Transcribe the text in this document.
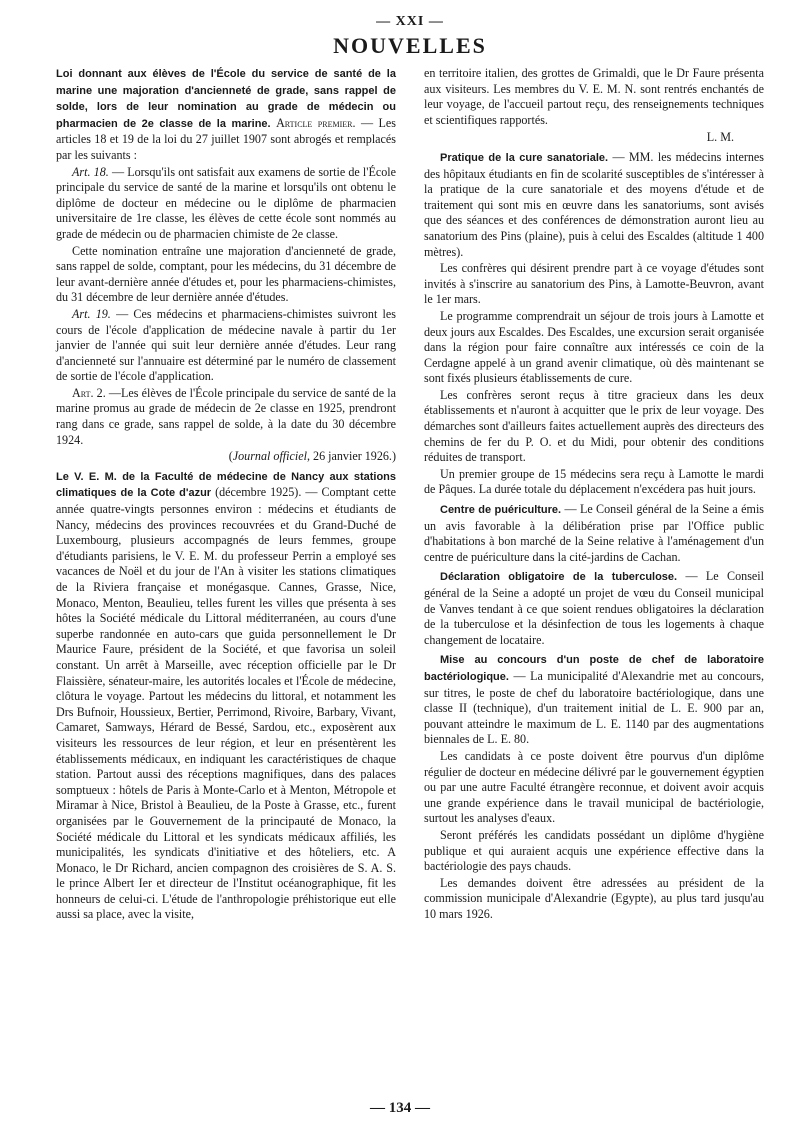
— XXI —
NOUVELLES

Loi donnant aux élèves de l'École du service de santé de la marine une majoration d'ancienneté de grade, sans rappel de solde, lors de leur nomination au grade de médecin ou pharmacien de 2e classe de la marine. Article premier. — Les articles 18 et 19 de la loi du 27 juillet 1907 sont abrogés et remplacés par les suivants :

Art. 18. — Lorsqu'ils ont satisfait aux examens de sortie de l'École principale du service de santé de la marine et lorsqu'ils ont obtenu le diplôme de docteur en médecine ou le diplôme de pharmacien universitaire de 1re classe, les élèves de cette école sont nommés au grade de médecin ou de pharmacien chimiste de 2e classe.

Cette nomination entraîne une majoration d'ancienneté de grade, sans rappel de solde, comptant, pour les médecins, du 31 décembre de leur avant-dernière année d'études et, pour les pharmaciens-chimistes, du 31 décembre de leur dernière année d'études.

Art. 19. — Ces médecins et pharmaciens-chimistes suivront les cours de l'école d'application de médecine navale à partir du 1er janvier de l'année qui suit leur dernière année d'études. Leur rang d'ancienneté sur l'annuaire est déterminé par le numéro de classement de sortie de l'école d'application.

Art. 2. —Les élèves de l'École principale du service de santé de la marine promus au grade de médecin de 2e classe en 1925, prendront rang dans ce grade, sans rappel de solde, à la date du 30 décembre 1924.

(Journal officiel, 26 janvier 1926.)

Le V. E. M. de la Faculté de médecine de Nancy aux stations climatiques de la Cote d'azur (décembre 1925). — Comptant cette année quatre-vingts personnes environ : médecins et étudiants de Nancy, médecins des provinces recouvrées et du Grand-Duché de Luxembourg, plusieurs accompagnés de leurs femmes, groupe d'étudiants parisiens, le V. E. M. du professeur Perrin a employé ses vacances de Noël et du jour de l'An à visiter les stations climatiques de la Riviera française et monégasque. Cannes, Grasse, Nice, Monaco, Menton, Beaulieu, telles furent les villes que présenta à ses hôtes la Société médicale du Littoral méditerranéen, au cours d'une superbe randonnée en auto-cars que guida personnellement le Dr Maurice Faure, président de la Société, et que favorisa un soleil constant. Un arrêt à Marseille, avec réception officielle par le Dr Flaissière, sénateur-maire, les autorités locales et l'École de médecine, clôtura le voyage. Partout les médecins du littoral, et notamment les Drs Bufnoir, Houssieux, Bertier, Perrimond, Rivoire, Barbary, Vivant, Camaret, Samways, Hérard de Bessé, Sardou, etc., exposèrent aux visiteurs les ressources de leur région, et leur en présentèrent les établissements médicaux, en indiquant les caractéristiques de chaque station. Partout aussi des réceptions magnifiques, dans des palaces somptueux : hôtels de Paris à Monte-Carlo et à Menton, Métropole et Miramar à Nice, Bristol à Beaulieu, de la Poste à Grasse, etc., furent organisées par le Gouvernement de la principauté de Monaco, la Société médicale du Littoral et les syndicats médicaux affiliés, les municipalités, les syndicats d'initiative et des hôteliers, etc. A Monaco, le Dr Richard, ancien compagnon des croisières de S. A. S. le prince Albert Ier et directeur de l'Institut océanographique, fit les honneurs de celui-ci. L'étude de l'anthropologie préhistorique eut elle aussi sa place, avec la visite,

en territoire italien, des grottes de Grimaldi, que le Dr Faure présenta aux visiteurs. Les membres du V. E. M. N. sont rentrés enchantés de leur voyage, de l'accueil partout reçu, des renseignements techniques et scientifiques rapportés.

L. M.

Pratique de la cure sanatoriale. — MM. les médecins internes des hôpitaux étudiants en fin de scolarité susceptibles de s'intéresser à la pratique de la cure sanatoriale et des moyens d'étude et de traitement qui sont mis en œuvre dans les sanatoriums, sont avisés que des séances et des conférences de démonstration auront lieu au sanatorium des Pins (plaine), puis à celui des Escaldes (altitude 1 400 mètres).

Les confrères qui désirent prendre part à ce voyage d'études sont invités à s'inscrire au sanatorium des Pins, à Lamotte-Beuvron, avant le 1er mars.

Le programme comprendrait un séjour de trois jours à Lamotte et deux jours aux Escaldes. Des Escaldes, une excursion serait organisée dans la région pour faire connaître aux intéressés ce coin de la Cerdagne appelé à un grand avenir climatique, où dès maintenant se sont fixés plusieurs établissements de cure.

Les confrères seront reçus à titre gracieux dans les deux établissements et n'auront à acquitter que le prix de leur voyage. Des démarches sont d'ailleurs faites actuellement auprès des directeurs des chemins de fer du P. O. et du Midi, pour obtenir des conditions réduites de transport.

Un premier groupe de 15 médecins sera reçu à Lamotte le mardi de Pâques. La durée totale du déplacement n'excédera pas huit jours.

Centre de puériculture. — Le Conseil général de la Seine a émis un avis favorable à la délibération prise par l'Office public d'habitations à bon marché de la Seine relative à l'aménagement d'un centre de puériculture dans la cité-jardins de Cachan.

Déclaration obligatoire de la tuberculose. — Le Conseil général de la Seine a adopté un projet de vœu du Conseil municipal de Vanves tendant à ce que soient rendues obligatoires la déclaration de la tuberculose et la désinfection de tous les logements à chaque changement de locataire.

Mise au concours d'un poste de chef de laboratoire bactériologique. — La municipalité d'Alexandrie met au concours, sur titres, le poste de chef du laboratoire bactériologique, dans une classe II (technique), d'un traitement initial de L. E. 900 par an, pouvant atteindre le maximum de L. E. 1140 par des augmentations biennales de L. E. 80.

Les candidats à ce poste doivent être pourvus d'un diplôme régulier de docteur en médecine délivré par le gouvernement égyptien ou par une autre Faculté étrangère reconnue, et doivent avoir acquis une grande expérience dans le travail municipal de bactériologie, surtout les analyses d'eaux.

Seront préférés les candidats possédant un diplôme d'hygiène publique et qui auraient acquis une expérience effective dans la bactériologie des pays chauds.

Les demandes doivent être adressées au président de la commission municipale d'Alexandrie (Egypte), au plus tard jusqu'au 10 mars 1926.

— 134 —
